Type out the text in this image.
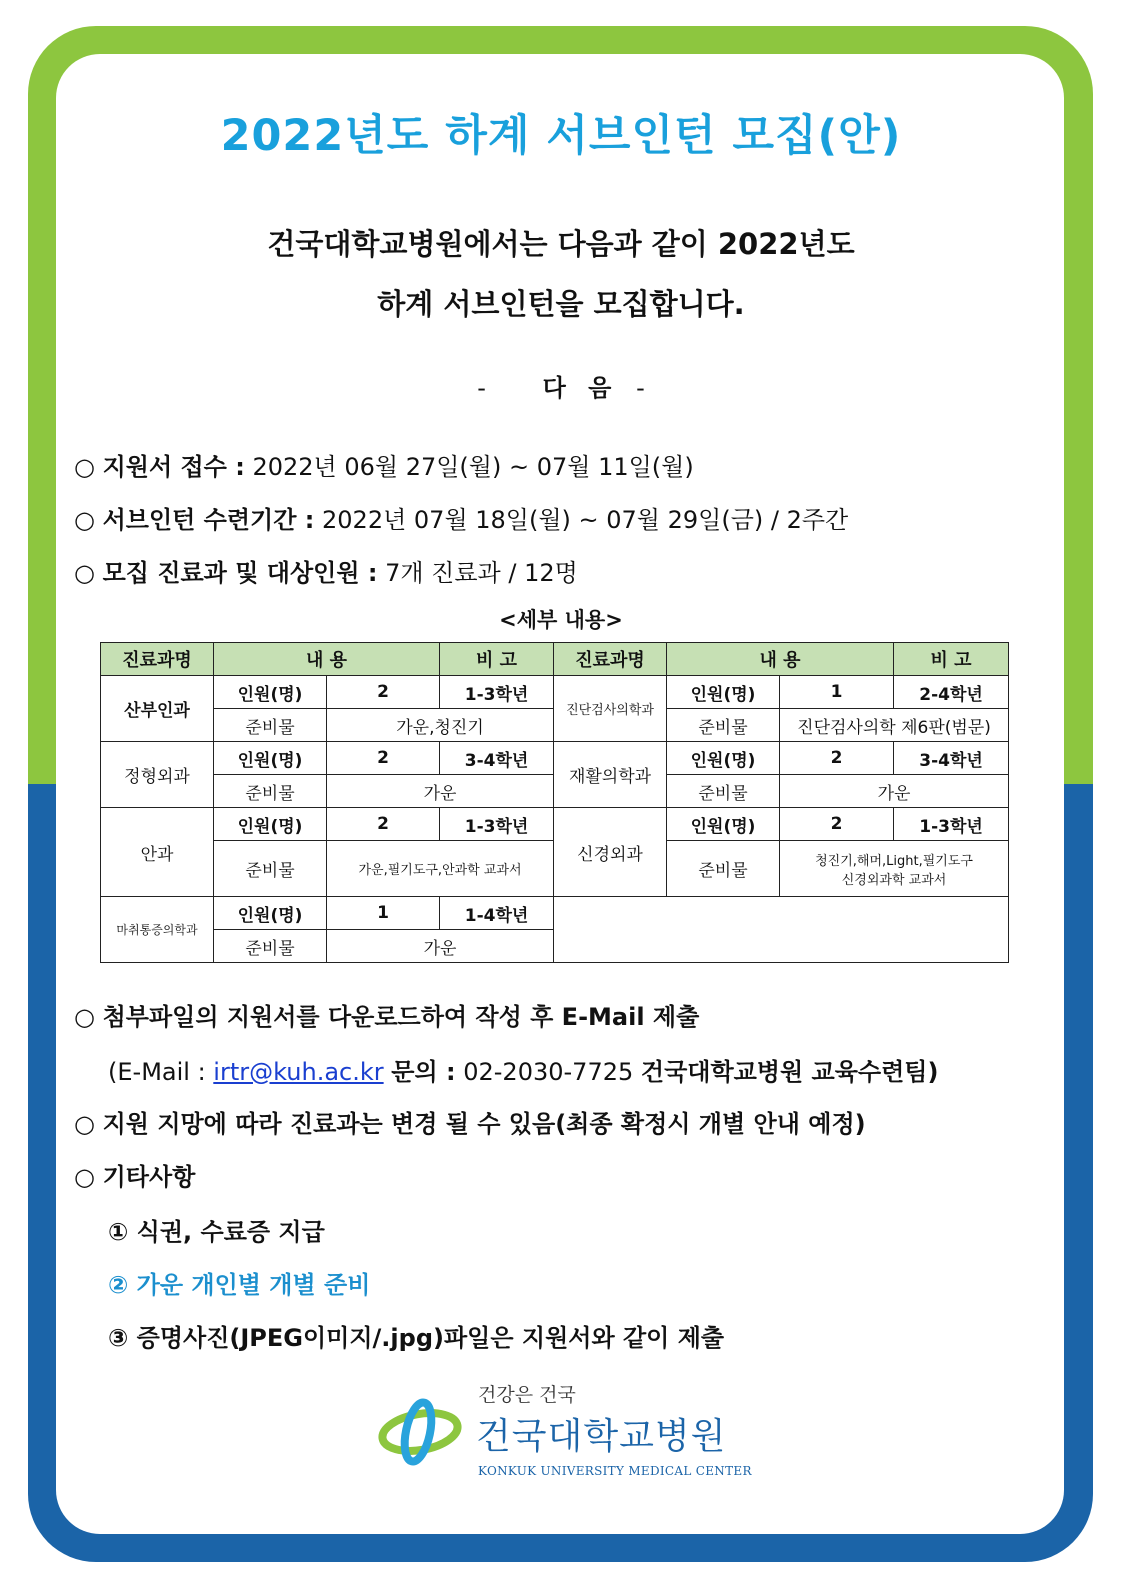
2022년도 하계 서브인턴 모집(안)
건국대학교병원에서는 다음과 같이 2022년도
하계 서브인턴을 모집합니다.
- 다 음 -
○ 지원서 접수 : 2022년 06월 27일(월) ~ 07월 11일(월)
○ 서브인턴 수련기간 : 2022년 07월 18일(월) ~ 07월 29일(금) / 2주간
○ 모집 진료과 및 대상인원 : 7개 진료과 / 12명
<세부 내용>
진료과명	내 용		비 고	진료과명	내 용		비 고
산부인과	인원(명)	2	1-3학년	진단검사의학과	인원(명)	1	2-4학년
	준비물	가운,청진기			준비물	진단검사의학 제6판(범문)	
정형외과	인원(명)	2	3-4학년	재활의학과	인원(명)	2	3-4학년
	준비물	가운			준비물	가운	
안과	인원(명)	2	1-3학년	신경외과	인원(명)	2	1-3학년
	준비물	가운,필기도구,안과학 교과서			준비물	청진기,해머,Light,필기도구
신경외과학 교과서	

마취통증의학과	인원(명)	1	1-4학년				
	준비물	가운					
○ 첨부파일의 지원서를 다운로드하여 작성 후 E-Mail 제출
(E-Mail : irtr@kuh.ac.kr 문의 : 02-2030-7725 건국대학교병원 교육수련팀)
○ 지원 지망에 따라 진료과는 변경 될 수 있음(최종 확정시 개별 안내 예정)
○ 기타사항
① 식권, 수료증 지급
② 가운 개인별 개별 준비
③ 증명사진(JPEG이미지/.jpg)파일은 지원서와 같이 제출
건강은 건국
건국대학교병원
KONKUK UNIVERSITY MEDICAL CENTER
